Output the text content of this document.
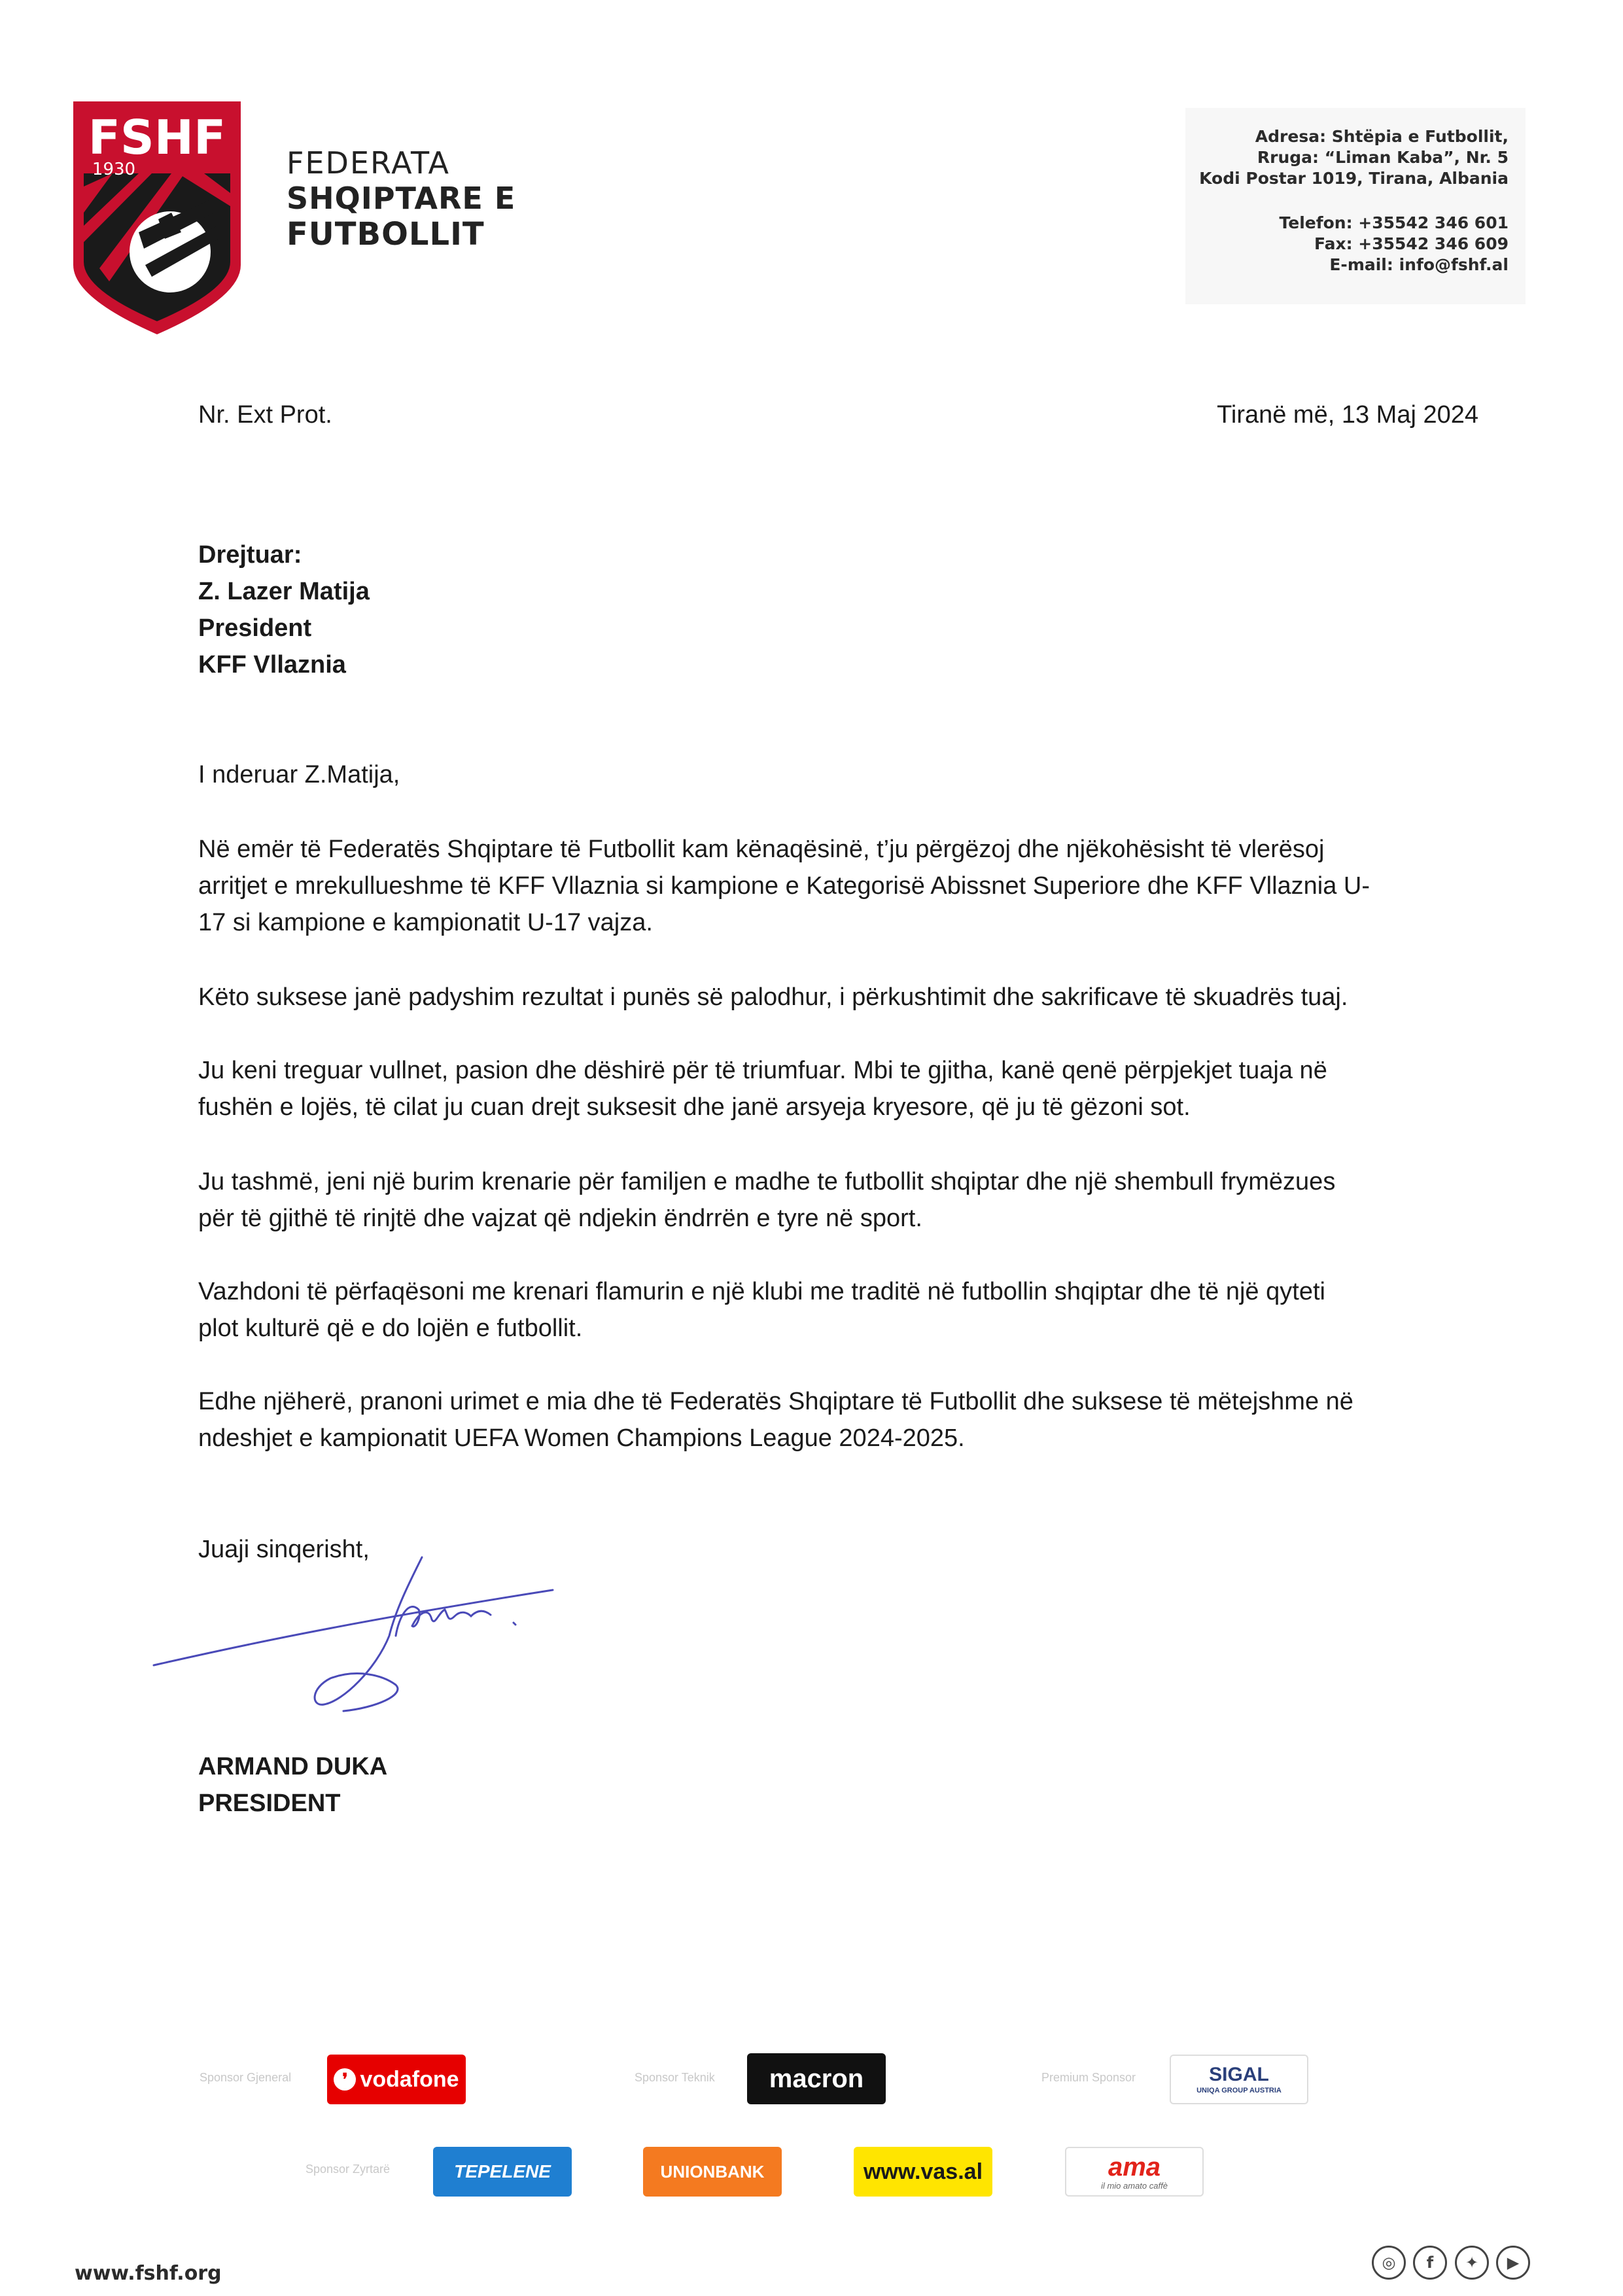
FSHF
1930	FEDERATA
SHQIPTARE E
FUTBOLLIT
Adresa: Shtëpia e Futbollit,
Rruga: “Liman Kaba”, Nr. 5
Kodi Postar 1019, Tirana, Albania
Telefon: +35542 346 601
Fax: +35542 346 609
E-mail: info@fshf.al
Nr. Ext Prot.	Tiranë më, 13 Maj 2024
Drejtuar:
Z. Lazer Matija
President
KFF Vllaznia
I nderuar Z.Matija,
Në emër të Federatës Shqiptare të Futbollit kam kënaqësinë, t’ju përgëzoj dhe njëkohësisht të vlerësoj
arritjet e mrekullueshme të KFF Vllaznia si kampione e Kategorisë Abissnet Superiore dhe KFF Vllaznia U-
17 si kampione e kampionatit U-17 vajza.
Këto suksese janë padyshim rezultat i punës së palodhur, i përkushtimit dhe sakrificave të skuadrës tuaj.
Ju keni treguar vullnet, pasion dhe dëshirë për të triumfuar. Mbi te gjitha, kanë qenë përpjekjet tuaja në
fushën e lojës, të cilat ju cuan drejt suksesit dhe janë arsyeja kryesore, që ju të gëzoni sot.
Ju tashmë, jeni një burim krenarie për familjen e madhe te futbollit shqiptar dhe një shembull frymëzues
për të gjithë të rinjtë dhe vajzat që ndjekin ëndrrën e tyre në sport.
Vazhdoni të përfaqësoni me krenari flamurin e një klubi me traditë në futbollin shqiptar dhe të një qyteti
plot kulturë që e do lojën e futbollit.
Edhe njëherë, pranoni urimet e mia dhe të Federatës Shqiptare të Futbollit dhe suksese të mëtejshme në
ndeshjet e kampionatit UEFA Women Champions League 2024-2025.
Juaji sinqerisht,
ARMAND DUKA
PRESIDENT
Sponsor Gjeneral	Sponsor Teknik	Premium Sponsor
Sponsor Zyrtarë
❜ vodafone	macron	SIGAL
UNIQA GROUP AUSTRIA
TEPELENE	UNIONBANK	www.vas.al	ama
il mio amato caffè
www.fshf.org	◎	f	✦	▶
